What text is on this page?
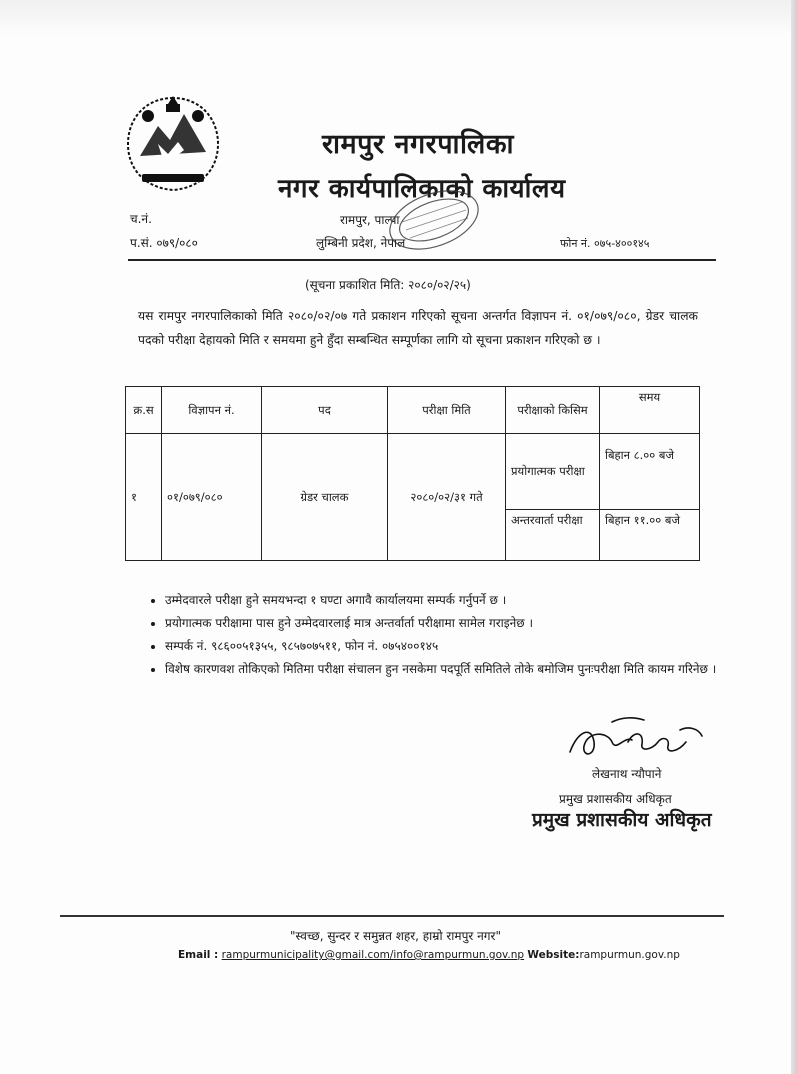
रामपुर नगरपालिका
नगर कार्यपालिकाको कार्यालय
च.नं.
प.सं. ०७९/०८०
रामपुर, पाल्पा
लुम्बिनी प्रदेश, नेपाल	फोन नं. ०७५-४००१४५
(सूचना प्रकाशित मिति: २०८०/०२/२५)
यस रामपुर नगरपालिकाको मिति २०८०/०२/०७ गते प्रकाशन गरिएको सूचना अन्तर्गत विज्ञापन नं. ०१/०७९/०८०, ग्रेडर चालक पदको परीक्षा देहायको मिति र समयमा हुने हुँदा सम्बन्धित सम्पूर्णका लागि यो सूचना प्रकाशन गरिएको छ ।
क्र.स	विज्ञापन नं.	पद	परीक्षा मिति	परीक्षाको किसिम	समय
१	०१/०७९/०८०	ग्रेडर चालक	२०८०/०२/३१ गते	प्रयोगात्मक परीक्षा	बिहान ८.०० बजे
				अन्तरवार्ता परीक्षा	बिहान ११.०० बजे
• उम्मेदवारले परीक्षा हुने समयभन्दा १ घण्टा अगावै कार्यालयमा सम्पर्क गर्नुपर्ने छ ।
• प्रयोगात्मक परीक्षामा पास हुने उम्मेदवारलाई मात्र अन्तर्वार्ता परीक्षामा सामेल गराइनेछ ।
• सम्पर्क नं. ९८६००५१३५५, ९८५७०७५११, फोन नं. ०७५४००१४५
• विशेष कारणवश तोकिएको मितिमा परीक्षा संचालन हुन नसकेमा पदपूर्ति समितिले तोके बमोजिम पुनःपरीक्षा मिति कायम गरिनेछ ।
लेखनाथ न्यौपाने
प्रमुख प्रशासकीय अधिकृत
प्रमुख प्रशासकीय अधिकृत
"स्वच्छ, सुन्दर र समुन्नत शहर, हाम्रो रामपुर नगर"
Email : rampurmunicipality@gmail.com/info@rampurmun.gov.np Website:rampurmun.gov.np
